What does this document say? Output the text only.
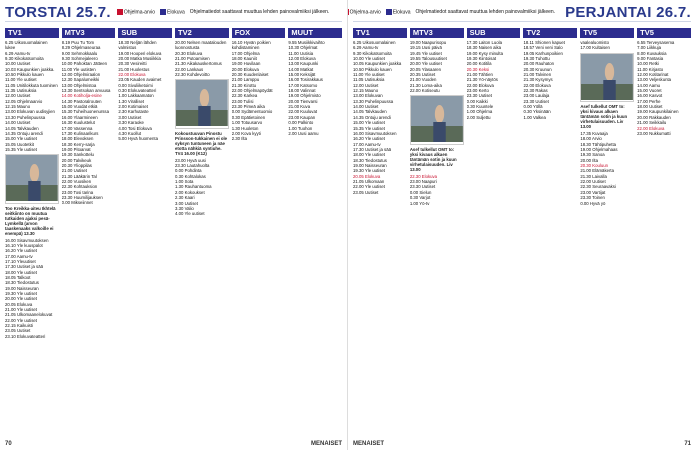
TORSTAI 25.7.	Ohjelma-arvio	Elokuva Ohjelmatiedot saattavat muuttua lehden painovalmiiksi jälkeen.
TV1
6.25 Uikosuomalainen
lukee
6.29 Aamu-tv
9.30 Kikokatsomoita
10.00 Uutiset
10.03 Kaupunkien joakka.
10.50 Pikkulo kauen
11.00 Yle uutiset
11.05 Unitilokkuta tuominen
11.35 Uutisuksia
12.00 Uutiset
12.05 Ohjelmaarvio
12.15 Mauno
13.00 Elokuvan uudisyjien
13.30 Puhelinpuussa
14.00 Uutiset
14.05 Talvkauden
14.35 Ontuju arendi
15.00 Yle uutiset
15.05 Uuotetkit
15.35 Yle uutiset
Too Kreikka-aiteu Ikhtelä seitkiinto on muutua tutkaiden ajaksi pesä-Lymkellä (arvon taaskenaaks valkoille ei enempä) 13.30
16.00 Sisavmuutoksen
16.10 Yle kuuspalot
16.20 Yle uutiset
17.00 Aamu-tv
17.10 Yleuutiset
17.30 Uutiset ja sää
18.00 Yle uutiset
18.05 Talkoot
18.30 Tiedostutus
19.00 Naisseuran
19.30 Yle uutiset
20.00 Yle uutiset
20.05 Elokuva
21.00 Yle uutiset
21.05 Ulkomaanelokuvat
22.00 Yle uutiset
22.15 Kaikuisti
23.05 Uutiset
23.10 Elokuvateatteri
MTV3
8.19 Puu Tu Tom
8.29 Ohjelmaseuraa
9.00 Sehmokkaalu
9.30 Sohmejaleero
10.00 Pahoktan Jätteen
11.00 Yle uutisten
12.00 Ohjelmiraalon
12.30 Sapalumeikki
13.00 Ohjelmistoa
13.30 Sentsokan arvuusa
14.00 Kotiholja-esine
14.30 Pastoralrouten
15.00 Vuodat etkiä
15.30 Tuheihuonenurssa
16.00 Ylaarmineen
16.30 Kuulustelut
17.00 Vassenna
17.30 Kulinaarikurs
18.00 Elevoksen
18.30 Kerry-sarja
19.00 Pitoarvat
19.30 Sankottelu
20.00 Talvikeuk
20.30 Ylioppilas
21.00 Uutiset
21.30 Lääkärin Tal
22.00 Vuosiken
22.30 Kohtauksion
23.00 Tosi tarina
23.30 Huumilijauksen
0.00 Mikseiinnet
SUB
18.30 Neljän lähden
valmistus
19.00 Hooperi elokuva
20.00 Matka Musiikkia
20.30 Vesireitti
21.00 Huolestus
22.00 Elokuva
23.05 Kauden avaimet
0.00 Sivuliiketoimi
0.30 Elokuvateatteri
1.00 Lakkaamaton
1.30 Viralliset
2.00 Kotimaiset
2.30 Karhutaste
3.00 Uutiset
3.30 Karaoke
4.00 Tosi Elokuva
4.30 Kuollut
5.00 Hyvä huomenta
TV2
20.00 Nelsen maatalouden
luonnostusta
20.30 Elokuva
21.00 Putoamisen
21.30 Aikakauskertomus
22.00 Lankaus
22.30 Kohdevoitto
Kokoustuuvan Pinostu Prinsson-tukkainen ei ole syksyn tuntuneen ja näe etotta nähkiä syntiuhe. TV4 16.00 (K12)
23.00 Hyvä uusi
23.30 Lautahuolta
0.00 Pohdinta
0.30 Kohtalokas
1.00 Sota
1.30 Rauhantuoma
2.00 Kokoukset
2.30 Kaari
3.00 Uutiset
3.30 Valio
4.00 Yle uutiset
FOX
16.10 Hyvän poikien
kohdistaminen
17.00 Ohjelma
18.00 Kauniit
19.00 Huvilaan
20.00 Elokuva
20.30 Kuudenlaiset
21.00 Lamppu
21.30 Kirottu
22.00 Ohjelmapöydät
22.30 Karkea
23.00 Tulisi
23.30 Pimeä aika
0.00 Sydämentuomio
0.30 Epätietoinen
1.00 Totuusarvo
1.30 Huoleton
2.00 Kova kyyti
2.30 Ilta
MUUT
9.55 Musiikkivaihto
10.30 Ohjelmat
11.00 Uutisia
12.00 Elokuva
13.00 Kaupunki
14.00 Matkat
15.00 Keksijät
16.00 Tosirakkaus
17.00 Katsomo
18.00 Valinnat
19.00 Ohjelmisto
20.00 Tienvarsi
21.00 Kuva
22.00 Kuuluvat
23.00 Kaupan
0.00 Palkinto
1.00 Tuohon
2.00 Uusi aamu
70	MENAISET
Ohjelma-arvio	Elokuva Ohjelmatiedot saattavat muuttua lehden painovalmiiksi jälkeen. PERJANTAI 26.7.
TV1
6.25 Uikosuomalainen
6.29 Aamu-tv
9.30 Kikokatsomoita
10.00 Yle uutiset
10.05 Kaupunkien joakka
10.50 Pikkulo kauen
11.00 Yle uutiset
11.05 Uutisuksia
12.00 Uutiset
12.15 Mauno
13.00 Elokuvan
13.30 Puhelinpuussa
14.00 Uutiset
14.05 Talvkauden
14.35 Ontuju arendi
15.00 Yle uutiset
15.35 Yle uutiset
16.00 Sisavmuutoksen
16.20 Yle uutiset
17.00 Aamu-tv
17.30 Uutiset ja sää
18.00 Yle uutiset
18.30 Tiedostutus
19.00 Naisseuran
19.30 Yle uutiset
20.05 Elokuva
21.05 Ulkomaan
22.00 Yle uutiset
23.05 Uutiset
MTV3
19.00 Naapurisopu
19.15 Uusi päivä
19.45 Yle uutiset
19.55 Talousuutiset
20.00 Yle uutiset
20.05 Ylasaaren
20.35 Uutiset
21.00 Vuoden
21.30 Loma-aika
22.00 Kotiseutu
Asef tulkellut OMT to: yksi kivaus alkaen täntämän sotin ja kuun virhetulaisuuden. Liv 13.00
22.30 Elokuva
23.00 Naapuri
23.30 Uutiset
0.00 Sielun
0.30 Varjot
1.00 Yö-tv
SUB
17.30 Laiton Luola
18.30 Naisen aika
19.00 Kysy minulta
19.30 Kiintoisat
20.00 Kotitila
20.30 Keksi
21.00 Tähtien
21.30 Yö-näytös
22.00 Elokuva
23.00 Kerto
23.30 Uutiset
0.00 Kaikki
0.30 Kuuntele
1.00 Ohjelma
2.00 Suljettu
TV2
18.11 Shionen kapuet
18.57 Veni veni Salo
19.05 Karhunpoikien
19.30 Tuhottu
20.00 Rauhaton
20.30 Kruunun
21.00 Talvinen
21.30 Kysymys
22.00 Elokuva
22.30 Rakas
23.00 Laulaja
23.30 Uutiset
0.00 Yöllä
0.30 Yksinään
1.00 Valkea
TV5
vaalealuomisto
17.00 Kultaisen
Asef tulkellut OMT to: yksi kivaus alkaen täntämän sotin ja kuun virhetulaisuuden. Liv 13.00
17.35 Kuvaaja
18.00 Arvio
18.30 Tähtipuhetta
19.00 Ohjelmahaas
19.30 Sanoa
20.00 Ilta
20.30 Kouluun
21.00 Elämäkerta
21.30 Laivalla
22.00 Uutiset
22.30 Seuraavaksi
23.00 Vartijat
23.30 Toinen
0.00 Hyvä yö
TV5
6.55 Terveysasema
7.00 Liikkuja
8.00 Kuvauksia
9.00 Fantasia
10.00 Retki
11.00 Kirjasto
12.00 Kotitarinat
13.00 Veljeskunta
14.00 Aamu
15.00 Vuoret
16.00 Kasvot
17.00 Perhe
18.00 Uutiset
19.00 Kaupunkilainen
20.00 Rakkauden
21.00 Seikkailu
22.00 Elokuva
23.00 Nukkumatti
MENAISET	71
